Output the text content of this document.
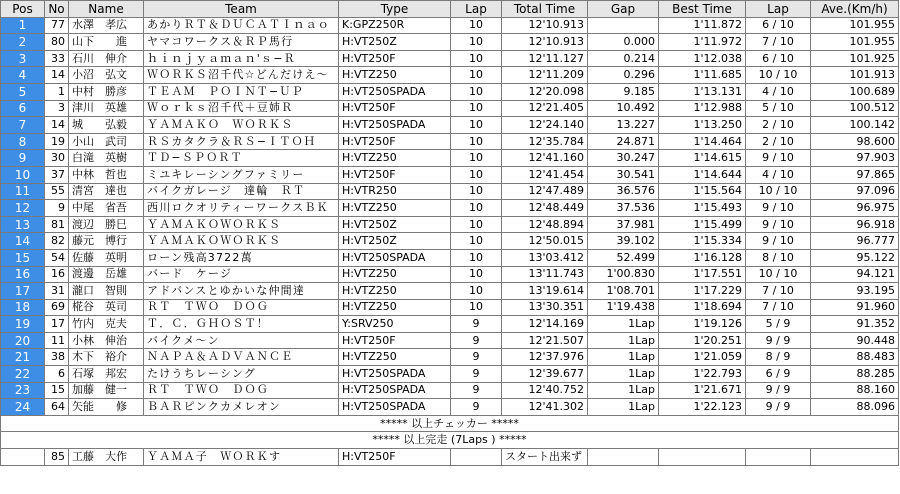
Pos	No	Name	Team	Type	Lap	Total Time	Gap	Best Time	Lap	Ave.(Km/h)
1	77	水澤　孝広	あかりＲＴ＆ＤＵＣＡＴＩｎａｏ	K:GPZ250R	10	12'10.913		1'11.872	6 / 10	101.955
2	80	山下　　進	ヤマコワークス＆ＲＰ馬行	H:VT250Z	10	12'10.913	0.000	1'11.972	7 / 10	101.955
3	33	石川　伸介	ｈｉｎｊｙａｍａｎ'ｓ−Ｒ	H:VT250F	10	12'11.127	0.214	1'12.038	6 / 10	101.925
4	14	小沼　弘文	ＷＯＲＫＳ沼千代☆どんだけえ〜	H:VTZ250	10	12'11.209	0.296	1'11.685	10 / 10	101.913
5	1	中村　勝彦	ＴＥＡＭ　ＰＯＩＮＴ−ＵＰ	H:VT250SPADA	10	12'20.098	9.185	1'13.131	4 / 10	100.689
6	3	津川　英雄	Ｗｏｒｋｓ沼千代＋豆姉Ｒ	H:VT250F	10	12'21.405	10.492	1'12.988	5 / 10	100.512
7	14	城　　弘毅	ＹＡＭＡＫＯ　ＷＯＲＫＳ	H:VT250SPADA	10	12'24.140	13.227	1'13.250	2 / 10	100.142
8	19	小山　武司	ＲＳカタクラ＆ＲＳ−ＩＴＯＨ	H:VT250F	10	12'35.784	24.871	1'14.464	2 / 10	98.600
9	30	白滝　英樹	ＴＤ−ＳＰＯＲＴ	H:VTZ250	10	12'41.160	30.247	1'14.615	9 / 10	97.903
10	37	中林　哲也	ミユキレーシングファミリー	H:VT250F	10	12'41.454	30.541	1'14.644	4 / 10	97.865
11	55	清宮　達也	バイクガレージ　達輪　ＲＴ	H:VTR250	10	12'47.489	36.576	1'15.564	10 / 10	97.096
12	9	中尾　省吾	西川ロクオリティーワークスＢＫ	H:VTZ250	10	12'48.449	37.536	1'15.493	9 / 10	96.975
13	81	渡辺　勝巳	ＹＡＭＡＫＯＷＯＲＫＳ	H:VT250Z	10	12'48.894	37.981	1'15.499	9 / 10	96.918
14	82	藤元　博行	ＹＡＭＡＫＯＷＯＲＫＳ	H:VT250Z	10	12'50.015	39.102	1'15.334	9 / 10	96.777
15	54	佐藤　英明	ローン残高3722萬	H:VT250SPADA	10	13'03.412	52.499	1'16.128	8 / 10	95.122
16	16	渡邊　岳雄	バード　ケージ	H:VTZ250	10	13'11.743	1'00.830	1'17.551	10 / 10	94.121
17	31	瀧口　智則	アドバンスとゆかいな仲間達	H:VTZ250	10	13'19.614	1'08.701	1'17.229	7 / 10	93.195
18	69	椛谷　英司	ＲＴ　ＴＷＯ　ＤＯＧ	H:VTZ250	10	13'30.351	1'19.438	1'18.694	7 / 10	91.960
19	17	竹内　克夫	Ｔ．Ｃ．ＧＨＯＳＴ！	Y:SRV250	9	12'14.169	1Lap	1'19.126	5 / 9	91.352
20	11	小林　伸治	バイクメ〜ン	H:VT250F	9	12'21.507	1Lap	1'20.251	9 / 9	90.448
21	38	木下　裕介	ＮＡＰＡ＆ＡＤＶＡＮＣＥ	H:VTZ250	9	12'37.976	1Lap	1'21.059	8 / 9	88.483
22	6	石塚　邦宏	たけうちレーシング	H:VT250SPADA	9	12'39.677	1Lap	1'22.793	6 / 9	88.285
23	15	加藤　健一	ＲＴ　ＴＷＯ　ＤＯＧ	H:VT250SPADA	9	12'40.752	1Lap	1'21.671	9 / 9	88.160
24	64	矢能　　修	ＢＡＲピンクカメレオン	H:VT250SPADA	9	12'41.302	1Lap	1'22.123	9 / 9	88.096
***** 以上チェッカー *****										
***** 以上完走 (7Laps ) *****										
	85	工藤　大作	ＹＡＭＡ子　ＷＯＲＫす	H:VT250F		スタート出来ず				
